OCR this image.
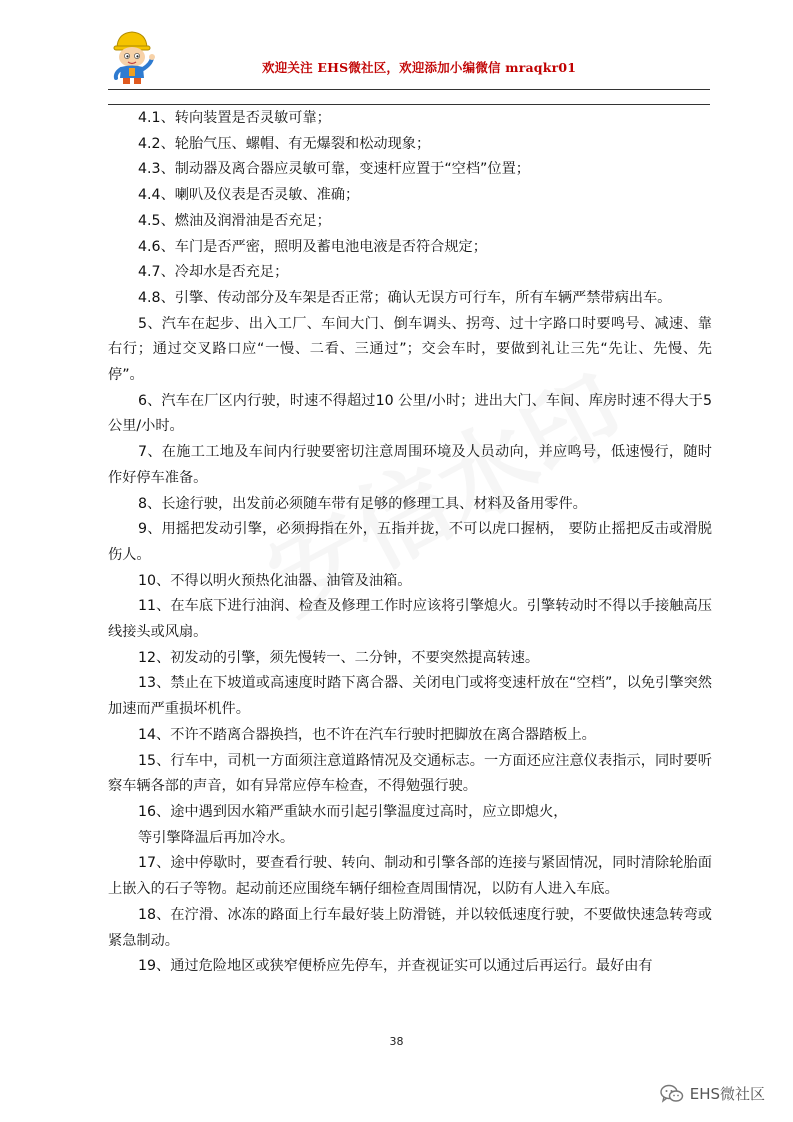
欢迎关注 EHS微社区，欢迎添加小编微信 mraqkr01

4.1、转向装置是否灵敏可靠；

4.2、轮胎气压、螺帽、有无爆裂和松动现象；

4.3、制动器及离合器应灵敏可靠，变速杆应置于“空档”位置；

4.4、喇叭及仪表是否灵敏、准确；

4.5、燃油及润滑油是否充足；

4.6、车门是否严密，照明及蓄电池电液是否符合规定；

4.7、冷却水是否充足；

4.8、引擎、传动部分及车架是否正常；确认无误方可行车，所有车辆严禁带病出车。

5、汽车在起步、出入工厂、车间大门、倒车调头、拐弯、过十字路口时要鸣号、减速、靠右行；通过交叉路口应“一慢、二看、三通过”；交会车时，要做到礼让三先“先让、先慢、先停”。

6、汽车在厂区内行驶，时速不得超过10 公里/小时；进出大门、车间、库房时速不得大于5 公里/小时。

7、在施工工地及车间内行驶要密切注意周围环境及人员动向，并应鸣号，低速慢行，随时作好停车准备。

8、长途行驶，出发前必须随车带有足够的修理工具、材料及备用零件。

9、用摇把发动引擎，必须拇指在外，五指并拢，不可以虎口握柄， 要防止摇把反击或滑脱伤人。

10、不得以明火预热化油器、油管及油箱。

11、在车底下进行油润、检查及修理工作时应该将引擎熄火。引擎转动时不得以手接触高压线接头或风扇。

12、初发动的引擎，须先慢转一、二分钟，不要突然提高转速。

13、禁止在下坡道或高速度时踏下离合器、关闭电门或将变速杆放在“空档”，以免引擎突然加速而严重损坏机件。

14、不许不踏离合器换挡，也不许在汽车行驶时把脚放在离合器踏板上。

15、行车中，司机一方面须注意道路情况及交通标志。一方面还应注意仪表指示，同时要听察车辆各部的声音，如有异常应停车检查，不得勉强行驶。

16、途中遇到因水箱严重缺水而引起引擎温度过高时，应立即熄火，

等引擎降温后再加冷水。

17、途中停歇时，要查看行驶、转向、制动和引擎各部的连接与紧固情况，同时清除轮胎面上嵌入的石子等物。起动前还应围绕车辆仔细检查周围情况，以防有人进入车底。

18、在泞滑、冰冻的路面上行车最好装上防滑链，并以较低速度行驶，不要做快速急转弯或紧急制动。

19、通过危险地区或狭窄便桥应先停车，并查视证实可以通过后再运行。最好由有

38
EHS微社区
